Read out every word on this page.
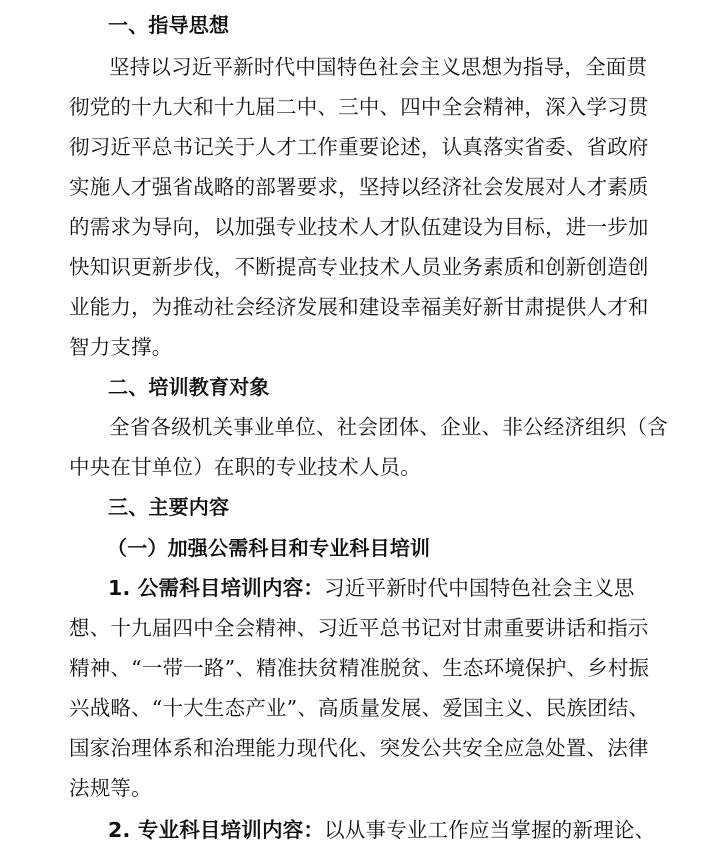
一、指导思想
坚持以习近平新时代中国特色社会主义思想为指导，全面贯
彻党的十九大和十九届二中、三中、四中全会精神，深入学习贯
彻习近平总书记关于人才工作重要论述，认真落实省委、省政府
实施人才强省战略的部署要求，坚持以经济社会发展对人才素质
的需求为导向，以加强专业技术人才队伍建设为目标，进一步加
快知识更新步伐，不断提高专业技术人员业务素质和创新创造创
业能力，为推动社会经济发展和建设幸福美好新甘肃提供人才和
智力支撑。
二、培训教育对象
全省各级机关事业单位、社会团体、企业、非公经济组织（含
中央在甘单位）在职的专业技术人员。
三、主要内容
（一）加强公需科目和专业科目培训
1. 公需科目培训内容：习近平新时代中国特色社会主义思
想、十九届四中全会精神、习近平总书记对甘肃重要讲话和指示
精神、“一带一路”、精准扶贫精准脱贫、生态环境保护、乡村振
兴战略、“十大生态产业”、高质量发展、爱国主义、民族团结、
国家治理体系和治理能力现代化、突发公共安全应急处置、法律
法规等。
2. 专业科目培训内容：以从事专业工作应当掌握的新理论、
